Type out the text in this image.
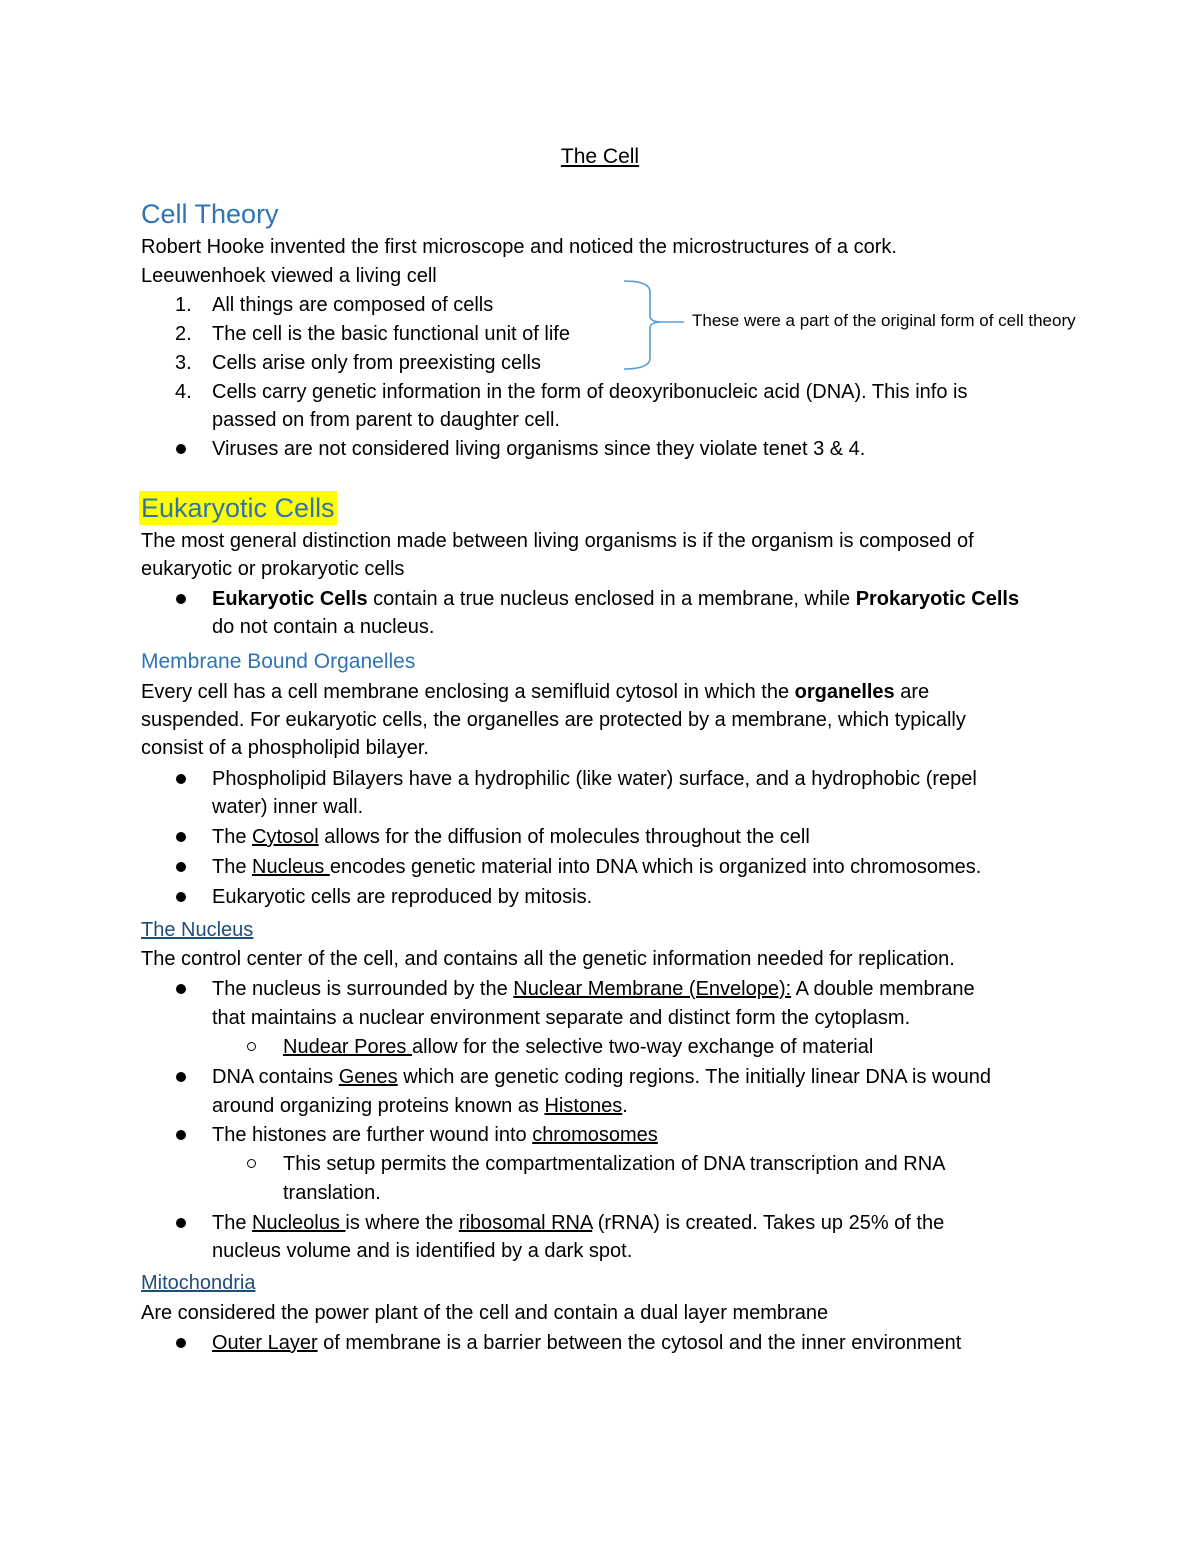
The Cell
Cell Theory
Robert Hooke invented the first microscope and noticed the microstructures of a cork.
Leeuwenhoek viewed a living cell
1. All things are composed of cells
2. The cell is the basic functional unit of life
3. Cells arise only from preexisting cells
4. Cells carry genetic information in the form of deoxyribonucleic acid (DNA). This info is
passed on from parent to daughter cell.
These were a part of the original form of cell theory
Viruses are not considered living organisms since they violate tenet 3 & 4.
Eukaryotic Cells
The most general distinction made between living organisms is if the organism is composed of
eukaryotic or prokaryotic cells
Eukaryotic Cells contain a true nucleus enclosed in a membrane, while Prokaryotic Cells
do not contain a nucleus.
Membrane Bound Organelles
Every cell has a cell membrane enclosing a semifluid cytosol in which the organelles are
suspended. For eukaryotic cells, the organelles are protected by a membrane, which typically
consist of a phospholipid bilayer.
Phospholipid Bilayers have a hydrophilic (like water) surface, and a hydrophobic (repel
water) inner wall.
The Cytosol allows for the diffusion of molecules throughout the cell
The Nucleus encodes genetic material into DNA which is organized into chromosomes.
Eukaryotic cells are reproduced by mitosis.
The Nucleus
The control center of the cell, and contains all the genetic information needed for replication.
The nucleus is surrounded by the Nuclear Membrane (Envelope): A double membrane
that maintains a nuclear environment separate and distinct form the cytoplasm.
Nudear Pores allow for the selective two-way exchange of material
DNA contains Genes which are genetic coding regions. The initially linear DNA is wound
around organizing proteins known as Histones.
The histones are further wound into chromosomes
This setup permits the compartmentalization of DNA transcription and RNA
translation.
The Nucleolus is where the ribosomal RNA (rRNA) is created. Takes up 25% of the
nucleus volume and is identified by a dark spot.
Mitochondria
Are considered the power plant of the cell and contain a dual layer membrane
Outer Layer of membrane is a barrier between the cytosol and the inner environment
